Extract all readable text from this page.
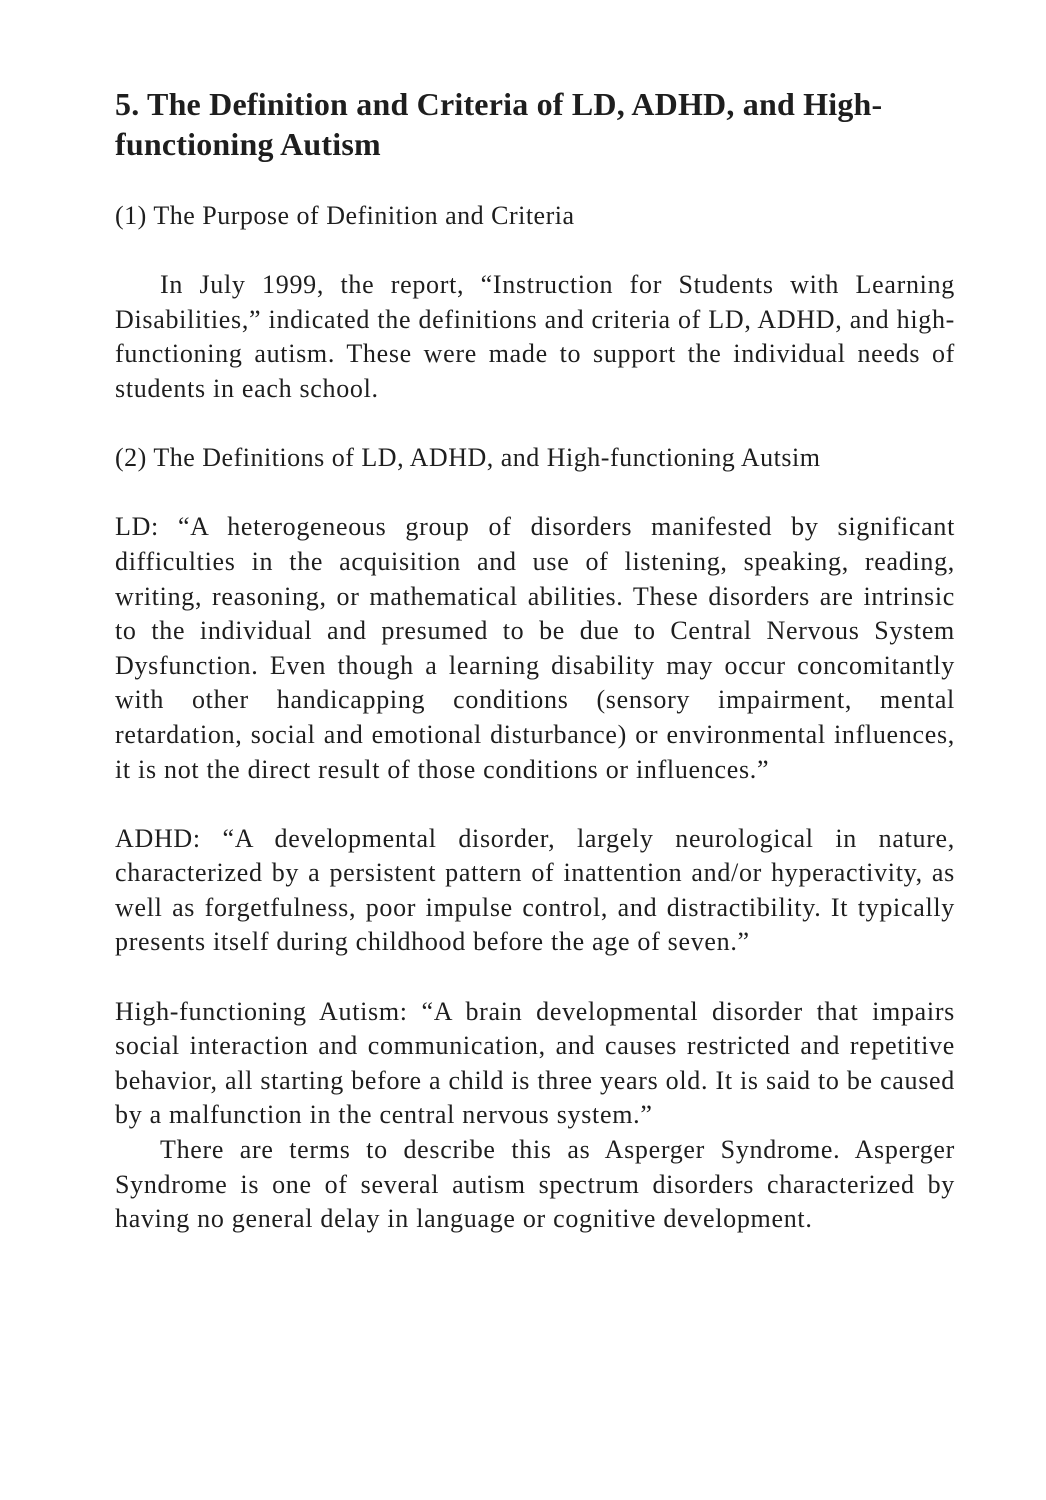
5. The Definition and Criteria of LD, ADHD, and High-functioning Autism

(1) The Purpose of Definition and Criteria

In July 1999, the report, “Instruction for Students with Learning Disabilities,” indicated the definitions and criteria of LD, ADHD, and high-functioning autism. These were made to support the individual needs of students in each school.

(2) The Definitions of LD, ADHD, and High-functioning Autsim

LD: “A heterogeneous group of disorders manifested by significant difficulties in the acquisition and use of listening, speaking, reading, writing, reasoning, or mathematical abilities. These disorders are intrinsic to the individual and presumed to be due to Central Nervous System Dysfunction. Even though a learning disability may occur concomitantly with other handicapping conditions (sensory impairment, mental retardation, social and emotional disturbance) or environmental influences, it is not the direct result of those conditions or influences.”

ADHD: “A developmental disorder, largely neurological in nature, characterized by a persistent pattern of inattention and/or hyperactivity, as well as forgetfulness, poor impulse control, and distractibility. It typically presents itself during childhood before the age of seven.”

High-functioning Autism: “A brain developmental disorder that impairs social interaction and communication, and causes restricted and repetitive behavior, all starting before a child is three years old. It is said to be caused by a malfunction in the central nervous system.”

There are terms to describe this as Asperger Syndrome. Asperger Syndrome is one of several autism spectrum disorders characterized by having no general delay in language or cognitive development.
